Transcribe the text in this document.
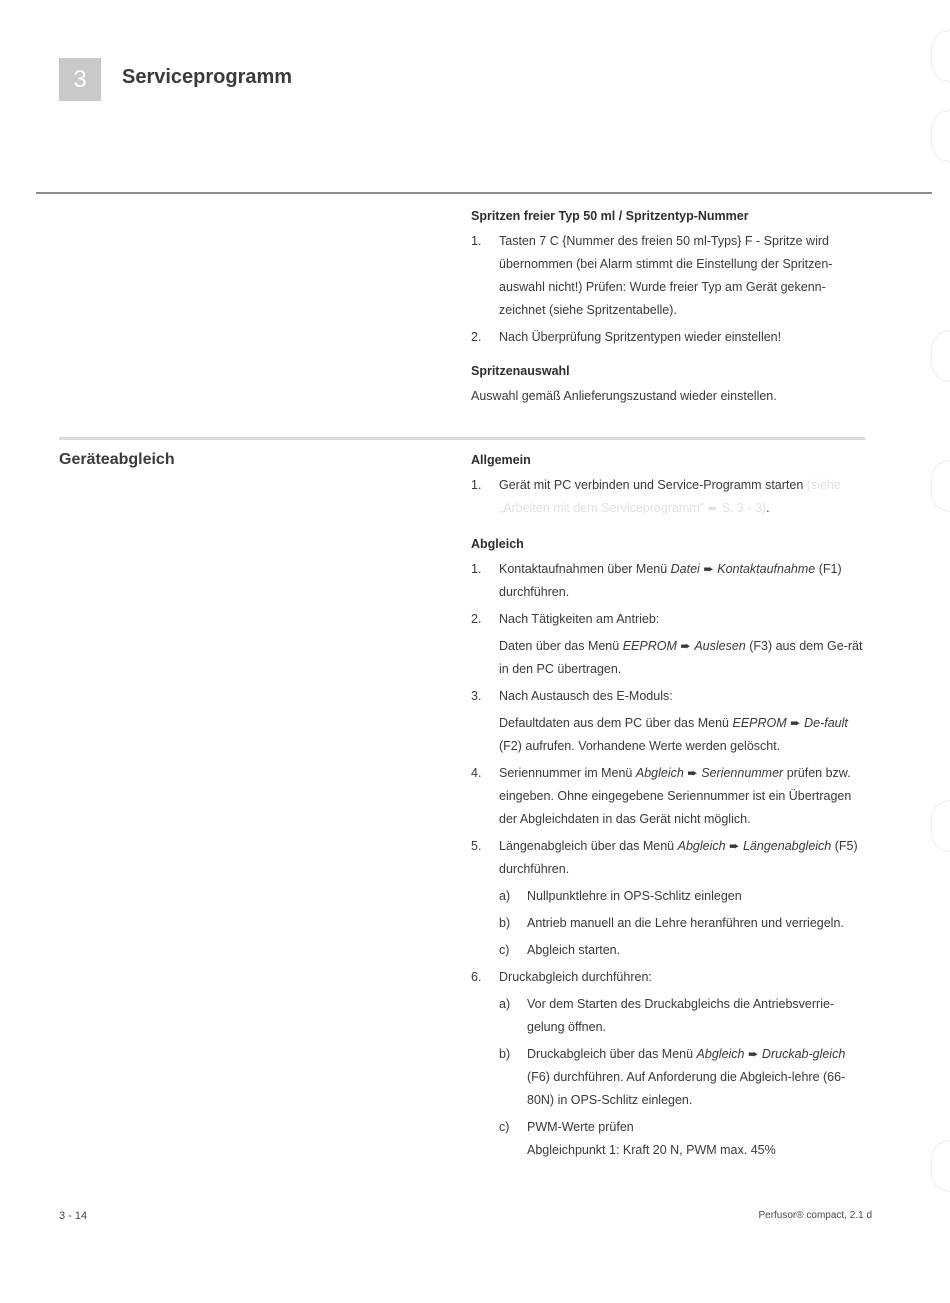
3	Serviceprogramm
Spritzen freier Typ 50 ml / Spritzentyp-Nummer
1.	Tasten 7 C {Nummer des freien 50 ml-Typs} F - Spritze wird übernommen (bei Alarm stimmt die Einstellung der Spritzen-auswahl nicht!) Prüfen: Wurde freier Typ am Gerät gekenn-zeichnet (siehe Spritzentabelle).
2.	Nach Überprüfung Spritzentypen wieder einstellen!
Spritzenauswahl
Auswahl gemäß Anlieferungszustand wieder einstellen.
Geräteabgleich	Allgemein
1.	Gerät mit PC verbinden und Service-Programm starten (siehe „Arbeiten mit dem Serviceprogramm" ➨ S. 3 - 3).
Abgleich
1.	Kontaktaufnahmen über Menü Datei ➨ Kontaktaufnahme (F1) durchführen.
2.	Nach Tätigkeiten am Antrieb:
Daten über das Menü EEPROM ➨ Auslesen (F3) aus dem Ge-rät in den PC übertragen.
3.	Nach Austausch des E-Moduls:
Defaultdaten aus dem PC über das Menü EEPROM ➨ De-fault (F2) aufrufen. Vorhandene Werte werden gelöscht.
4.	Seriennummer im Menü Abgleich ➨ Seriennummer prüfen bzw. eingeben. Ohne eingegebene Seriennummer ist ein Übertragen der Abgleichdaten in das Gerät nicht möglich.
5.	Längenabgleich über das Menü Abgleich ➨ Längenabgleich (F5) durchführen.
a)	Nullpunktlehre in OPS-Schlitz einlegen
b)	Antrieb manuell an die Lehre heranführen und verriegeln.
c)	Abgleich starten.
6.	Druckabgleich durchführen:
a)	Vor dem Starten des Druckabgleichs die Antriebsverrie-gelung öffnen.
b)	Druckabgleich über das Menü Abgleich ➨ Druckab-gleich (F6) durchführen. Auf Anforderung die Abgleich-lehre (66-80N) in OPS-Schlitz einlegen.
c)	PWM-Werte prüfen
Abgleichpunkt 1: Kraft 20 N, PWM max. 45%
3 - 14	Perfusor® compact, 2.1 d
